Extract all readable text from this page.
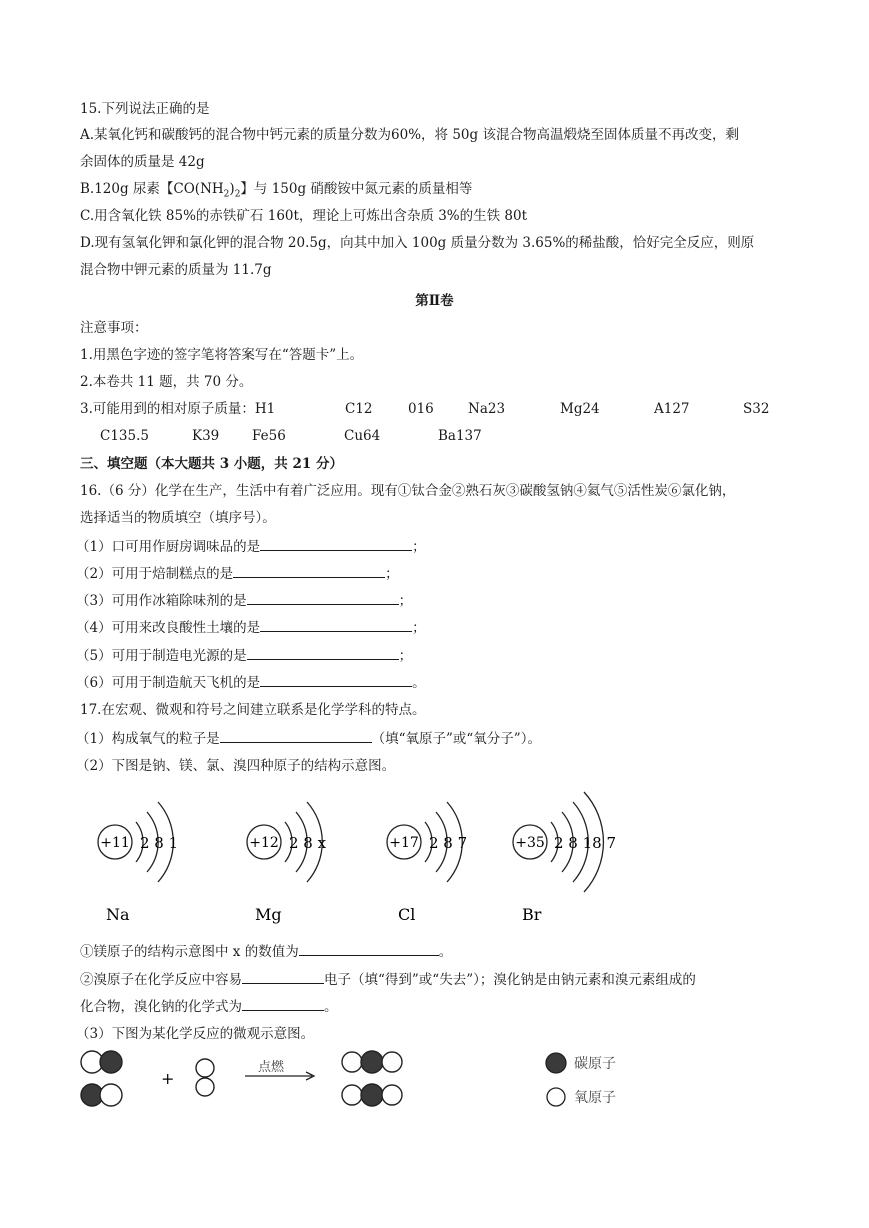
15.下列说法正确的是
A.某氧化钙和碳酸钙的混合物中钙元素的质量分数为60%，将 50g 该混合物高温煅烧至固体质量不再改变，剩
余固体的质量是 42g
B.120g 尿素【$CO(NH_2)_2$】与 150g 硝酸铵中氮元素的质量相等
C.用含氧化铁 85%的赤铁矿石 160t，理论上可炼出含杂质 3%的生铁 80t
D.现有氢氧化钾和氯化钾的混合物 20.5g，向其中加入 100g 质量分数为 3.65%的稀盐酸，恰好完全反应，则原
混合物中钾元素的质量为 11.7g
第Ⅱ卷
注意事项：
1.用黑色字迹的签字笔将答案写在“答题卡”上。
2.本卷共 11 题，共 70 分。
3.可能用到的相对原子质量：H1	C12	016	Na23	Mg24	A127	S32
C135.5	K39 Fe56	Cu64	Ba137
三、填空题（本大题共 3 小题，共 21 分）
16.（6 分）化学在生产，生活中有着广泛应用。现有①钛合金②熟石灰③碳酸氢钠④氦气⑤活性炭⑥氯化钠，
选择适当的物质填空（填序号）。
（1）口可用作厨房调味品的是	；
（2）可用于焙制糕点的是	；
（3）可用作冰箱除味剂的是	；
（4）可用来改良酸性土壤的是	；
（5）可用于制造电光源的是	；
（6）可用于制造航天飞机的是	。
17.在宏观、微观和符号之间建立联系是化学学科的特点。
（1）构成氧气的粒子是	（填“氧原子”或“氧分子”）。
（2）下图是钠、镁、氯、溴四种原子的结构示意图。
+11 2 8 1
Na
+12 2 8 x
Mg
+17 2 8 7
Cl
+35 2 8 18 7
Br
+
点燃	碳原子
氧原子
①镁原子的结构示意图中 x 的数值为	。
②溴原子在化学反应中容易	电子（填“得到”或“失去”）；溴化钠是由钠元素和溴元素组成的
化合物，溴化钠的化学式为	。
（3）下图为某化学反应的微观示意图。
